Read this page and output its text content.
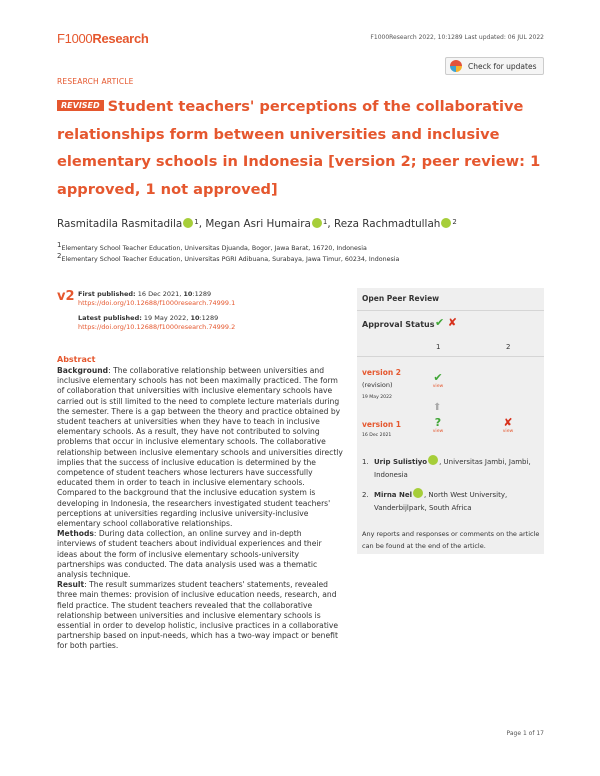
F1000Research	F1000Research 2022, 10:1289 Last updated: 06 JUL 2022
RESEARCH ARTICLE
Check for updates
REVISED Student teachers' perceptions of the collaborative relationships form between universities and inclusive elementary schools in Indonesia [version 2; peer review: 1 approved, 1 not approved]
Rasmitadila Rasmitadila $^1$, Megan Asri Humaira $^1$, Reza Rachmadtullah $^2$
1Elementary School Teacher Education, Universitas Djuanda, Bogor, Jawa Barat, 16720, Indonesia
2Elementary School Teacher Education, Universitas PGRI Adibuana, Surabaya, Jawa Timur, 60234, Indonesia
v2 First published: 16 Dec 2021, 10:1289
https://doi.org/10.12688/f1000research.74999.1
Latest published: 19 May 2022, 10:1289
https://doi.org/10.12688/f1000research.74999.2
Abstract

Background: The collaborative relationship between universities and inclusive elementary schools has not been maximally practiced. The form of collaboration that universities with inclusive elementary schools have carried out is still limited to the need to complete lecture materials during the semester. There is a gap between the theory and practice obtained by student teachers at universities when they have to teach in inclusive elementary schools. As a result, they have not contributed to solving problems that occur in inclusive elementary schools. The collaborative relationship between inclusive elementary schools and universities directly implies that the success of inclusive education is determined by the competence of student teachers whose lecturers have successfully educated them in order to teach in inclusive elementary schools. Compared to the background that the inclusive education system is developing in Indonesia, the researchers investigated student teachers' perceptions at universities regarding inclusive university-inclusive elementary school collaborative relationships.

Methods: During data collection, an online survey and in-depth interviews of student teachers about individual experiences and their ideas about the form of inclusive elementary schools-university partnerships was conducted. The data analysis used was a thematic analysis technique.

Result: The result summarizes student teachers' statements, revealed three main themes: provision of inclusive education needs, research, and field practice. The student teachers revealed that the collaborative relationship between universities and inclusive elementary schools is essential in order to develop holistic, inclusive practices in a collaborative partnership based on input-needs, which has a two-way impact or benefit for both parties.

Open Peer Review
Approval Status ✔ ✘
1	2
version 2
(revision)
19 May 2022
✔
view
⬆
version 1
16 Dec 2021
?
view
✘
view
1. Urip Sulistiyo , Universitas Jambi, Jambi,
Indonesia
2. Mirna Nel , North West University,
Vanderbijlpark, South Africa
Any reports and responses or comments on the article can be found at the end of the article.
Page 1 of 17
